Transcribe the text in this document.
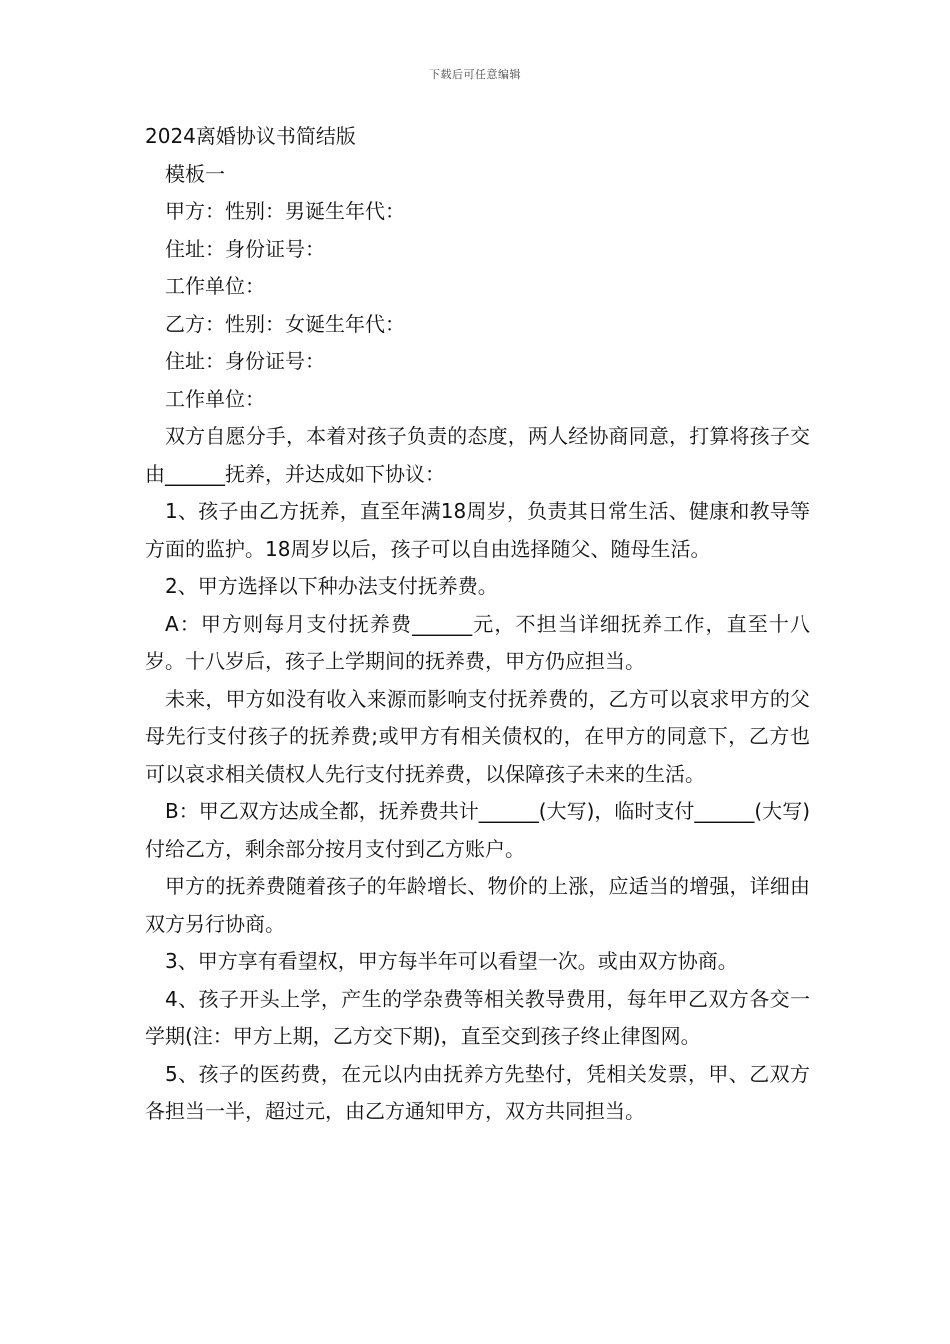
下载后可任意编辑
2024离婚协议书简结版

模板一

甲方：性别：男诞生年代：

住址：身份证号：

工作单位：

乙方：性别：女诞生年代：

住址：身份证号：

工作单位：

双方自愿分手，本着对孩子负责的态度，两人经协商同意，打算将孩子交由______抚养，并达成如下协议：

1、孩子由乙方抚养，直至年满18周岁，负责其日常生活、健康和教导等方面的监护。18周岁以后，孩子可以自由选择随父、随母生活。

2、甲方选择以下种办法支付抚养费。

A：甲方则每月支付抚养费______元，不担当详细抚养工作，直至十八岁。十八岁后，孩子上学期间的抚养费，甲方仍应担当。

未来，甲方如没有收入来源而影响支付抚养费的，乙方可以哀求甲方的父母先行支付孩子的抚养费;或甲方有相关债权的，在甲方的同意下，乙方也可以哀求相关债权人先行支付抚养费，以保障孩子未来的生活。

B：甲乙双方达成全都，抚养费共计______(大写)，临时支付______(大写)付给乙方，剩余部分按月支付到乙方账户。

甲方的抚养费随着孩子的年龄增长、物价的上涨，应适当的增强，详细由双方另行协商。

3、甲方享有看望权，甲方每半年可以看望一次。或由双方协商。

4、孩子开头上学，产生的学杂费等相关教导费用，每年甲乙双方各交一学期(注：甲方上期，乙方交下期)，直至交到孩子终止律图网。

5、孩子的医药费，在元以内由抚养方先垫付，凭相关发票，甲、乙双方各担当一半，超过元，由乙方通知甲方，双方共同担当。
